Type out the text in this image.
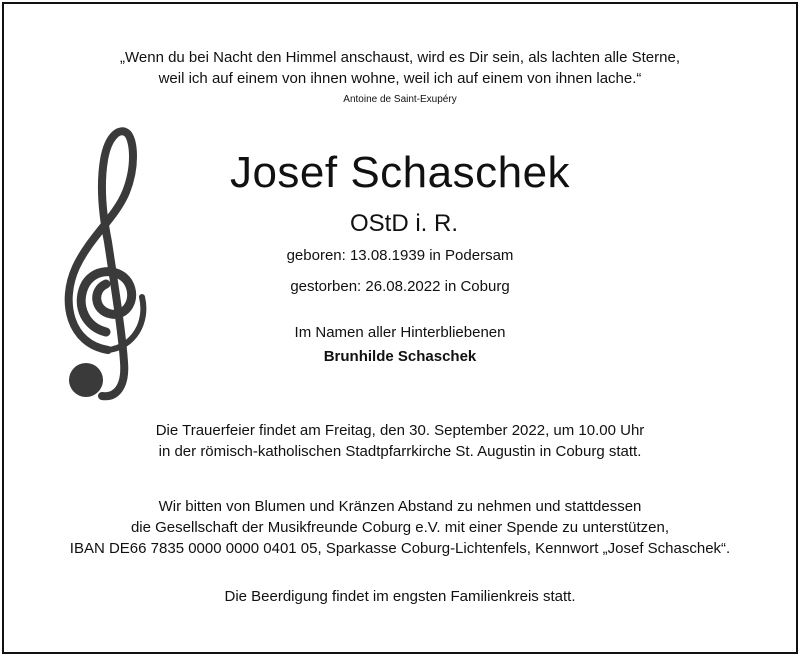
„Wenn du bei Nacht den Himmel anschaust, wird es Dir sein, als lachten alle Sterne,
weil ich auf einem von ihnen wohne, weil ich auf einem von ihnen lache.“
Antoine de Saint-Exupéry
Josef Schaschek
OStD i. R.
geboren: 13.08.1939 in Podersam
gestorben: 26.08.2022 in Coburg
Im Namen aller Hinterbliebenen
Brunhilde Schaschek
Die Trauerfeier findet am Freitag, den 30. September 2022, um 10.00 Uhr
in der römisch-katholischen Stadtpfarrkirche St. Augustin in Coburg statt.
Wir bitten von Blumen und Kränzen Abstand zu nehmen und stattdessen
die Gesellschaft der Musikfreunde Coburg e.V. mit einer Spende zu unterstützen,
IBAN DE66 7835 0000 0000 0401 05, Sparkasse Coburg-Lichtenfels, Kennwort „Josef Schaschek“.
Die Beerdigung findet im engsten Familienkreis statt.
